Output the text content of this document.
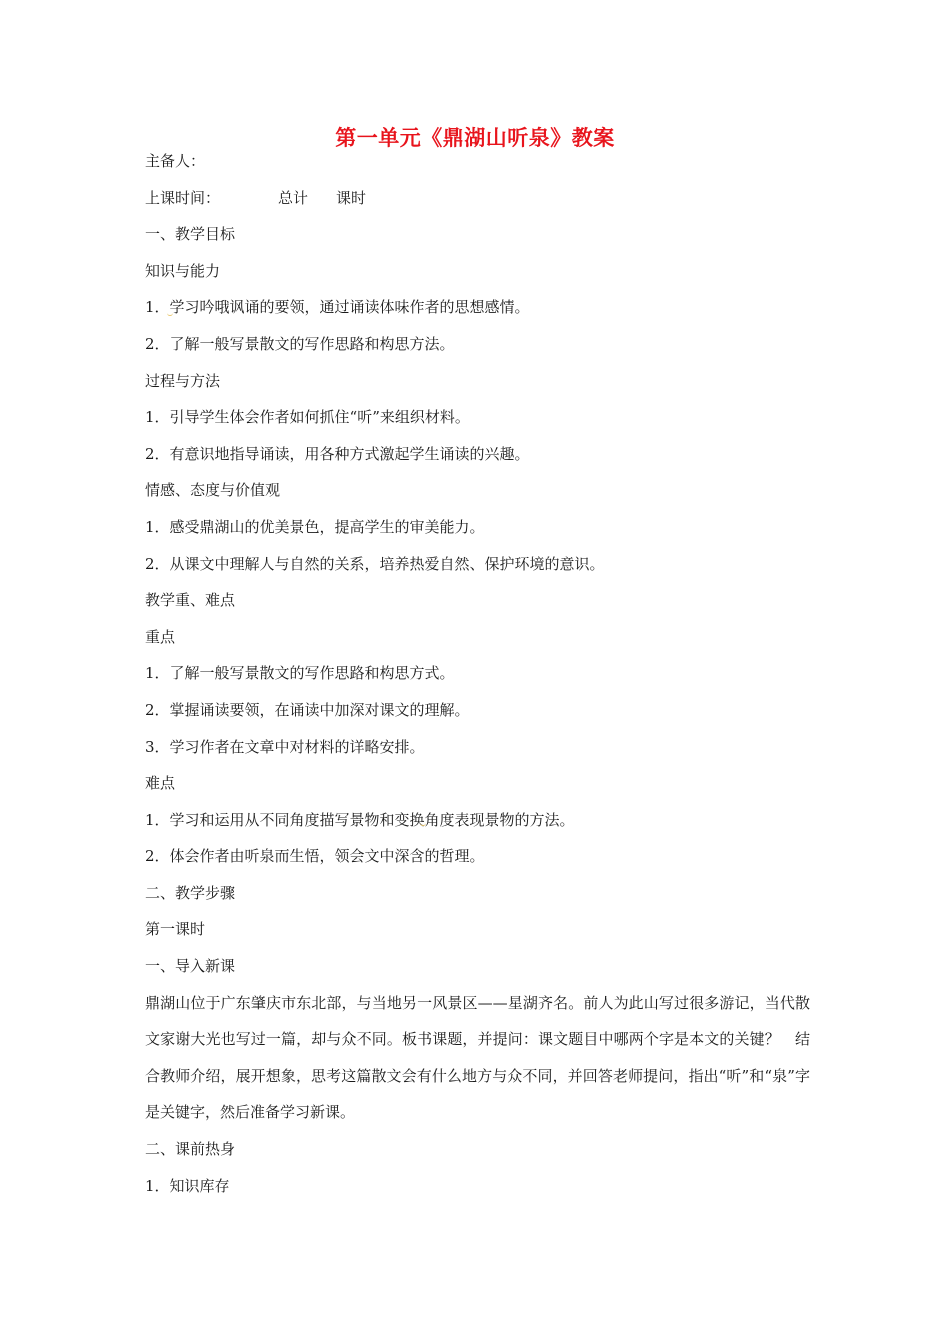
第一单元《鼎湖山听泉》教案
主备人：
上课时间：	总计 课时
一、教学目标
知识与能力
1．学习吟哦讽诵的要领，通过诵读体味作者的思想感情。
2．了解一般写景散文的写作思路和构思方法。
过程与方法
1．引导学生体会作者如何抓住“听”来组织材料。
2．有意识地指导诵读，用各种方式激起学生诵读的兴趣。
情感、态度与价值观
1．感受鼎湖山的优美景色，提高学生的审美能力。
2．从课文中理解人与自然的关系，培养热爱自然、保护环境的意识。
教学重、难点
重点
1．了解一般写景散文的写作思路和构思方式。
2．掌握诵读要领，在诵读中加深对课文的理解。
3．学习作者在文章中对材料的详略安排。
难点
1．学习和运用从不同角度描写景物和变换角度表现景物的方法。
2．体会作者由听泉而生悟，领会文中深含的哲理。
二、教学步骤
第一课时
一、导入新课
鼎湖山位于广东肇庆市东北部，与当地另一风景区——星湖齐名。前人为此山写过很多游记，当代散文家谢大光也写过一篇，却与众不同。板书课题，并提问：课文题目中哪两个字是本文的关键？　结合教师介绍，展开想象，思考这篇散文会有什么地方与众不同，并回答老师提问，指出“听”和“泉”字是关键字，然后准备学习新课。
二、课前热身
1．知识库存
